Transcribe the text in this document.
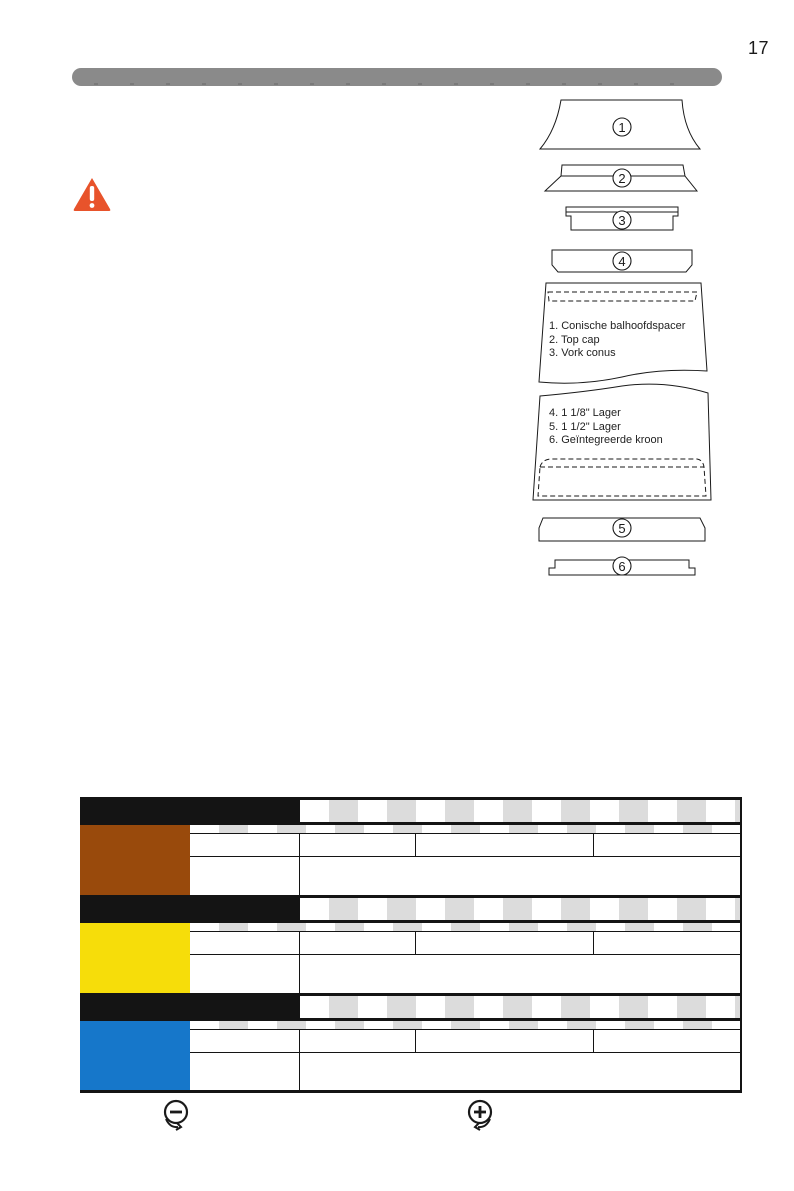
17
1
2
3
4
5
6
1. Conische balhoofdspacer
2. Top cap
3. Vork conus
4. 1 1/8" Lager
5. 1 1/2" Lager
6. Geïntegreerde kroon
